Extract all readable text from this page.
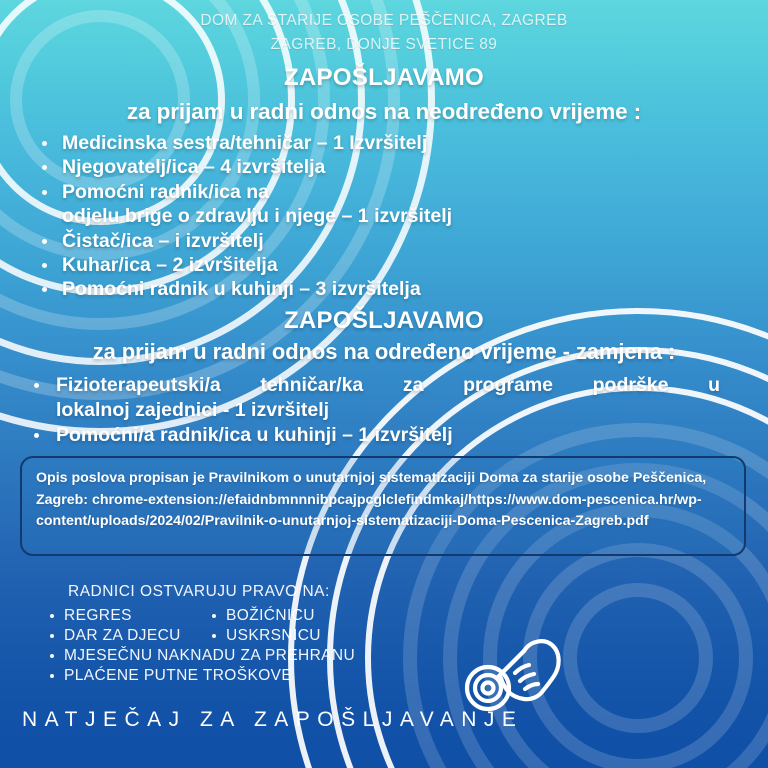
DOM ZA STARIJE OSOBE PEŠČENICA, ZAGREB
ZAGREB, DONJE SVETICE 89
ZAPOŠLJAVAMO
za prijam u radni odnos na neodređeno vrijeme :
Medicinska sestra/tehničar – 1 Izvršitelj
Njegovatelj/ica – 4 izvršitelja
Pomoćni radnik/ica na
odjelu brige o zdravlju i njege – 1 izvršitelj
Čistač/ica – i izvršitelj
Kuhar/ica – 2 izvršitelja
Pomoćni radnik u kuhinji – 3 izvršitelja
ZAPOŠLJAVAMO
za prijam u radni odnos na određeno vrijeme - zamjena :
Fizioterapeutski/a tehničar/ka za programe podrške u
lokalnoj zajednici - 1 izvršitelj
Pomoćni/a radnik/ica u kuhinji – 1 izvršitelj

Opis poslova propisan je Pravilnikom o unutarnjoj sistematizaciji Doma za starije osobe Peščenica, Zagreb: chrome-extension://efaidnbmnnnibpcajpcglclefindmkaj/https://www.dom-pescenica.hr/wp-content/uploads/2024/02/Pravilnik-o-unutarnjoj-sistematizaciji-Doma-Pescenica-Zagreb.pdf

RADNICI OSTVARUJU PRAVO NA:
REGRES	BOŽIĆNICU
DAR ZA DJECU	USKRSNICU
MJESEČNU NAKNADU ZA PREHRANU
PLAĆENE PUTNE TROŠKOVE
NATJEČAJ ZA ZAPOŠLJAVANJE
